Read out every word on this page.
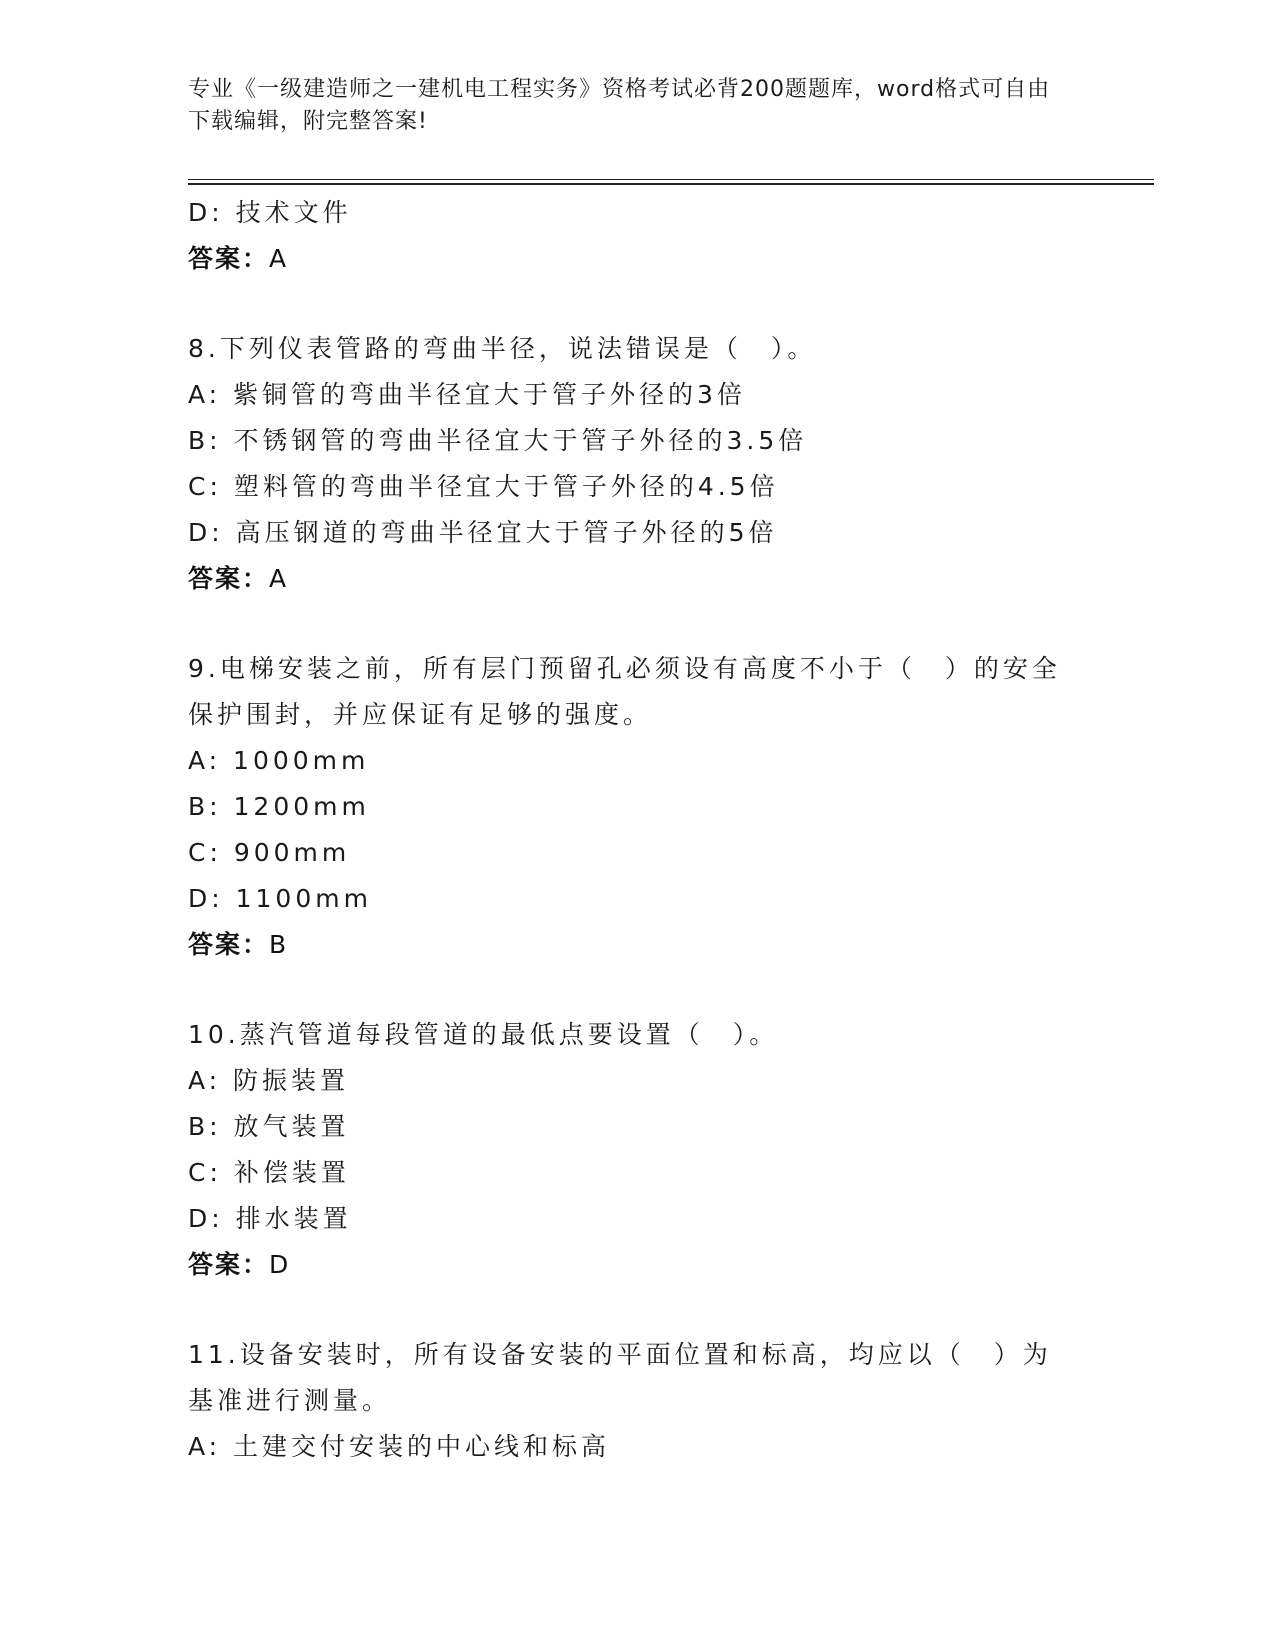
专业《一级建造师之一建机电工程实务》资格考试必背200题题库，word格式可自由下载编辑，附完整答案!
D: 技术文件
答案：A
8.下列仪表管路的弯曲半径，说法错误是（　）。
A: 紫铜管的弯曲半径宜大于管子外径的3倍
B: 不锈钢管的弯曲半径宜大于管子外径的3.5倍
C: 塑料管的弯曲半径宜大于管子外径的4.5倍
D: 高压钢道的弯曲半径宜大于管子外径的5倍
答案：A
9.电梯安装之前，所有层门预留孔必须设有高度不小于（　）的安全保护围封，并应保证有足够的强度。
A: 1000mm
B: 1200mm
C: 900mm
D: 1100mm
答案：B
10.蒸汽管道每段管道的最低点要设置（　）。
A: 防振装置
B: 放气装置
C: 补偿装置
D: 排水装置
答案：D
11.设备安装时，所有设备安装的平面位置和标高，均应以（　）为基准进行测量。
A: 土建交付安装的中心线和标高
